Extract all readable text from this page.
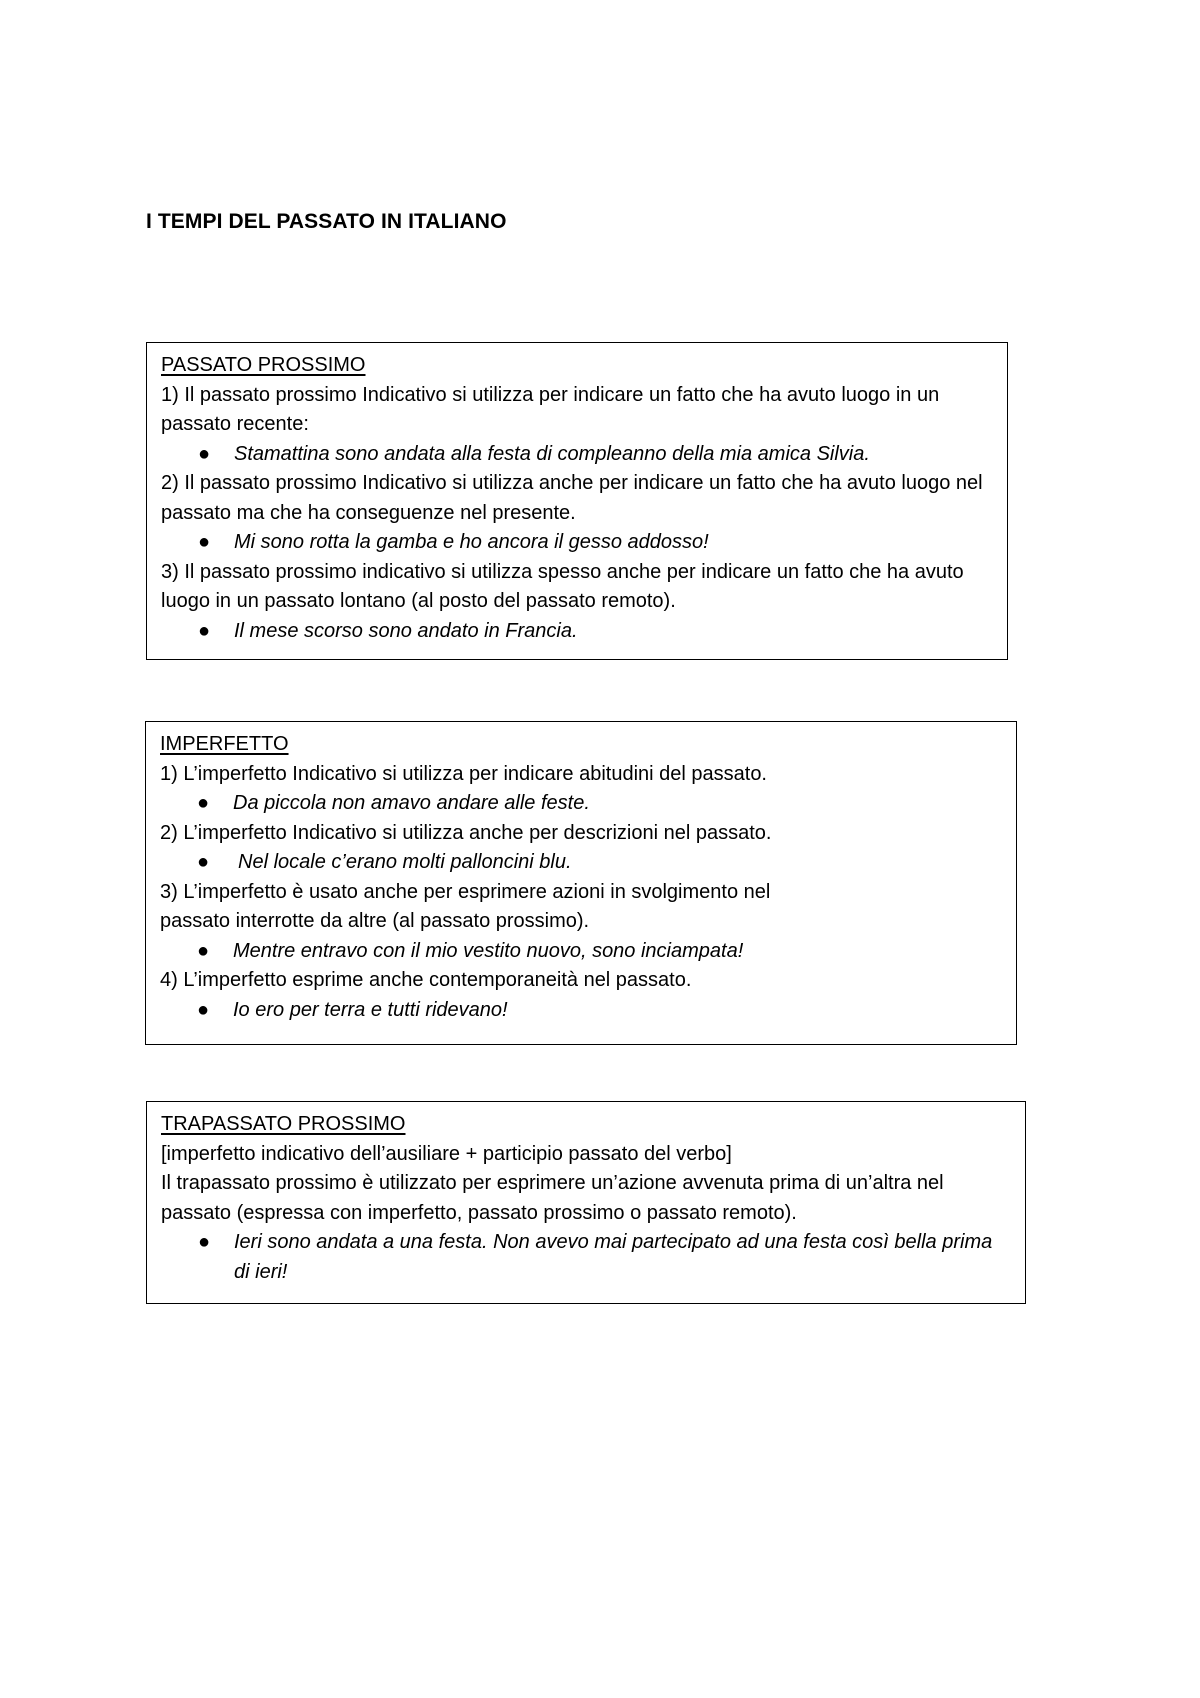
I TEMPI DEL PASSATO IN ITALIANO
PASSATO PROSSIMO
1) Il passato prossimo Indicativo si utilizza per indicare un fatto che ha avuto luogo in un passato recente:
● Stamattina sono andata alla festa di compleanno della mia amica Silvia.
2) Il passato prossimo Indicativo si utilizza anche per indicare un fatto che ha avuto luogo nel passato ma che ha conseguenze nel presente.
● Mi sono rotta la gamba e ho ancora il gesso addosso!
3) Il passato prossimo indicativo si utilizza spesso anche per indicare un fatto che ha avuto luogo in un passato lontano (al posto del passato remoto).
● Il mese scorso sono andato in Francia.
IMPERFETTO
1) L’imperfetto Indicativo si utilizza per indicare abitudini del passato.
● Da piccola non amavo andare alle feste.
2) L’imperfetto Indicativo si utilizza anche per descrizioni nel passato.
● Nel locale c’erano molti palloncini blu.
3) L’imperfetto è usato anche per esprimere azioni in svolgimento nel
passato interrotte da altre (al passato prossimo).
● Mentre entravo con il mio vestito nuovo, sono inciampata!
4) L’imperfetto esprime anche contemporaneità nel passato.
● Io ero per terra e tutti ridevano!
TRAPASSATO PROSSIMO
[imperfetto indicativo dell’ausiliare + participio passato del verbo]
Il trapassato prossimo è utilizzato per esprimere un’azione avvenuta prima di un’altra nel passato (espressa con imperfetto, passato prossimo o passato remoto).
● Ieri sono andata a una festa. Non avevo mai partecipato ad una festa così bella prima di ieri!
